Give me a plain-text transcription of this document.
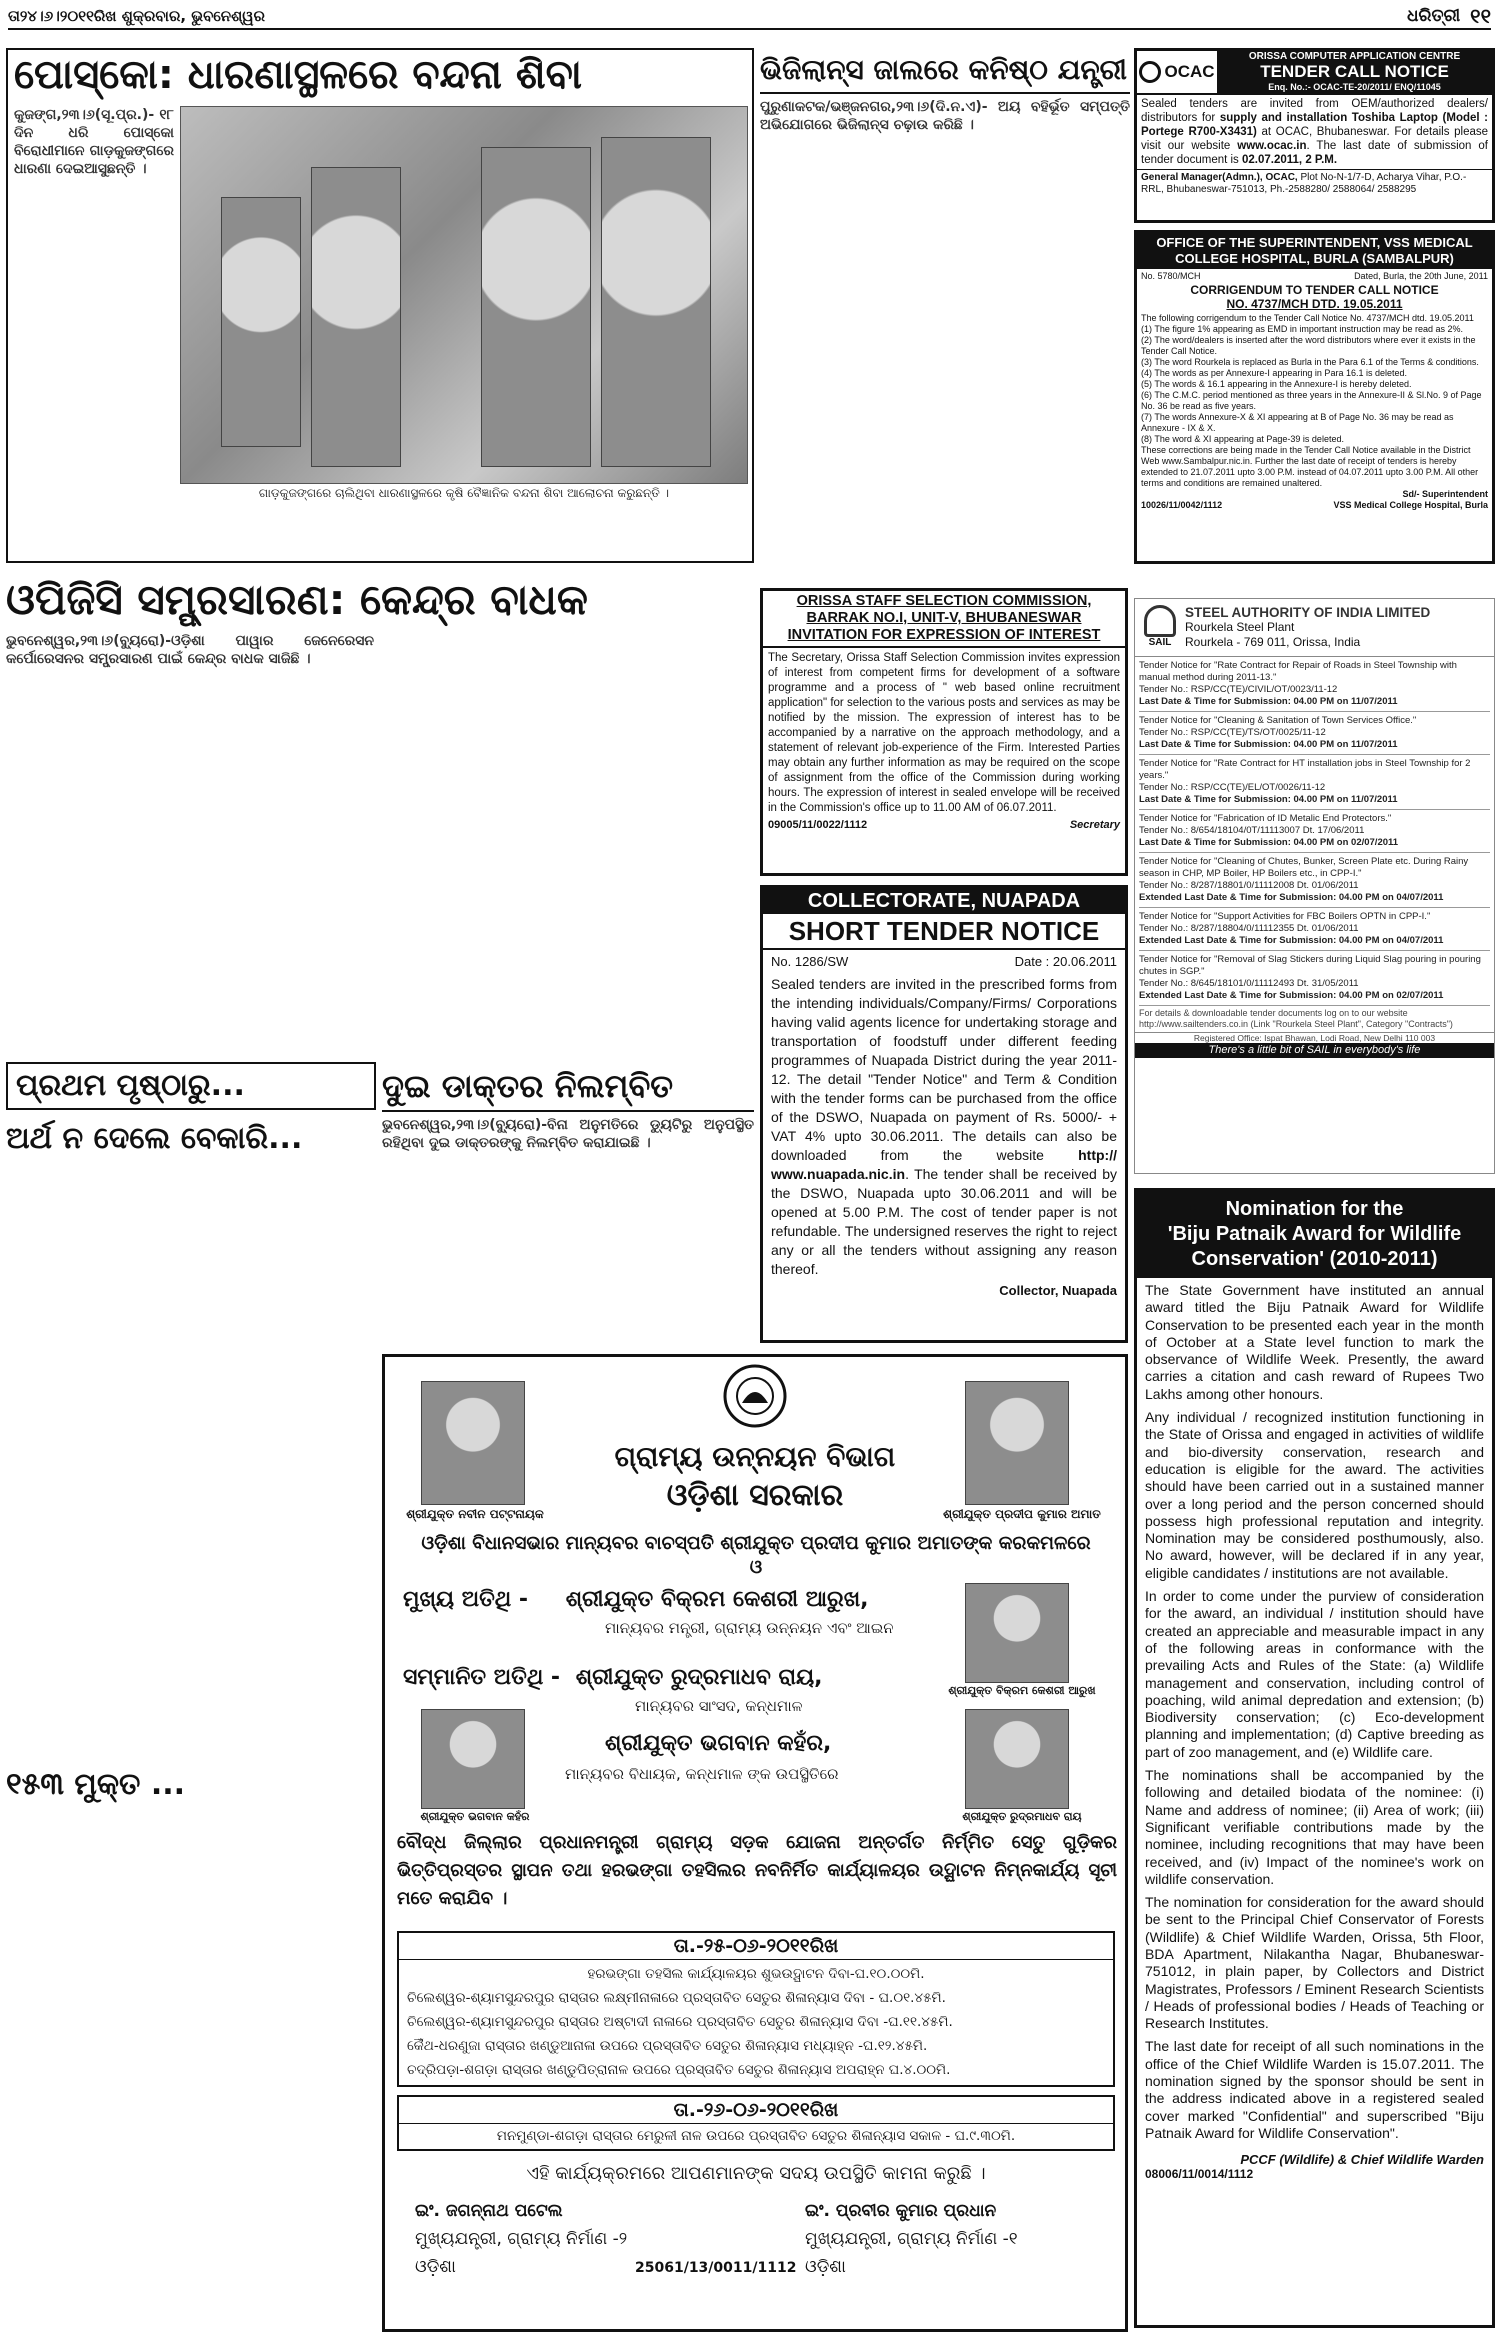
ତା୨୪।୬।୨୦୧୧ରିଖ ଶୁକ୍ରବାର, ଭୁବନେଶ୍ୱର	ଧରିତ୍ରୀ ୧୧
ପୋସ୍କୋ: ଧାରଣାସ୍ଥଳରେ ବନ୍ଦନା ଶିବା
କୁଜଙ୍ଗ,୨୩।୬(ସୂ.ପ୍ର.)- ୧୮ ଦିନ ଧରି ପୋସ୍କୋ ବିରୋଧୀମାନେ ଗାଡ଼କୁଜଙ୍ଗରେ ଧାରଣା ଦେଇଆସୁଛନ୍ତି ।
ଗାଡ଼କୁଜଙ୍ଗରେ ଚାଲିଥିବା ଧାରଣାସ୍ଥଳରେ କୃଷି ବୈଜ୍ଞାନିକ ବନ୍ଦନା ଶିବା ଆଲୋଚନା କରୁଛନ୍ତି ।
ଭିଜିଲାନ୍ସ ଜାଲରେ କନିଷ୍ଠ ଯନ୍ତ୍ରୀ
ପୁରୁଣାକଟକ/ଭଞ୍ଜନଗର,୨୩।୬(ଦି.ନ.ଏ)- ଅୟ ବହିର୍ଭୂତ ସମ୍ପତ୍ତି ଅଭିଯୋଗରେ ଭିଜିଲାନ୍ସ ଚଢ଼ାଉ କରିଛି ।
OCAC
ORISSA COMPUTER APPLICATION CENTRE
TENDER CALL NOTICE
Enq. No.:- OCAC-TE-20/2011/ ENQ/11045
Sealed tenders are invited from OEM/authorized dealers/ distributors for supply and installation Toshiba Laptop (Model : Portege R700-X3431) at OCAC, Bhubaneswar. For details please visit our website www.ocac.in. The last date of submission of tender document is 02.07.2011, 2 P.M.
General Manager(Admn.), OCAC, Plot No-N-1/7-D, Acharya Vihar, P.O.-RRL, Bhubaneswar-751013, Ph.-2588280/ 2588064/ 2588295
OFFICE OF THE SUPERINTENDENT, VSS MEDICAL COLLEGE HOSPITAL, BURLA (SAMBALPUR)
No. 5780/MCH	Dated, Burla, the 20th June, 2011
CORRIGENDUM TO TENDER CALL NOTICE
NO. 4737/MCH DTD. 19.05.2011
The following corrigendum to the Tender Call Notice No. 4737/MCH dtd. 19.05.2011
(1) The figure 1% appearing as EMD in important instruction may be read as 2%.
(2) The word/dealers is inserted after the word distributors where ever it exists in the Tender Call Notice.
(3) The word Rourkela is replaced as Burla in the Para 6.1 of the Terms & conditions.
(4) The words as per Annexure-I appearing in Para 16.1 is deleted.
(5) The words & 16.1 appearing in the Annexure-I is hereby deleted.
(6) The C.M.C. period mentioned as three years in the Annexure-II & Sl.No. 9 of Page No. 36 be read as five years.
(7) The words Annexure-X & XI appearing at B of Page No. 36 may be read as Annexure - IX & X.
(8) The word & XI appearing at Page-39 is deleted.
These corrections are being made in the Tender Call Notice available in the District Web www.Sambalpur.nic.in. Further the last date of receipt of tenders is hereby extended to 21.07.2011 upto 3.00 P.M. instead of 04.07.2011 upto 3.00 P.M. All other terms and conditions are remained unaltered.
Sd/- Superintendent
10026/11/0042/1112	VSS Medical College Hospital, Burla
ଓପିଜିସି ସମ୍ପ୍ରସାରଣ: କେନ୍ଦ୍ର ବାଧକ
ଭୁବନେଶ୍ୱର,୨୩।୬(ବ୍ୟୁରୋ)-ଓଡ଼ିଶା ପାୱାର ଜେନେରେସନ କର୍ପୋରେସନର ସମ୍ପ୍ରସାରଣ ପାଇଁ କେନ୍ଦ୍ର ବାଧକ ସାଜିଛି ।
ORISSA STAFF SELECTION COMMISSION, BARRAK NO.I, UNIT-V, BHUBANESWAR INVITATION FOR EXPRESSION OF INTEREST
The Secretary, Orissa Staff Selection Commission invites expression of interest from competent firms for development of a software programme and a process of " web based online recruitment application" for selection to the various posts and services as may be notified by the mission. The expression of interest has to be accompanied by a narrative on the approach methodology, and a statement of relevant job-experience of the Firm. Interested Parties may obtain any further information as may be required on the scope of assignment from the office of the Commission during working hours. The expression of interest in sealed envelope will be received in the Commission's office up to 11.00 AM of 06.07.2011.
09005/11/0022/1112	Secretary
COLLECTORATE, NUAPADA
SHORT TENDER NOTICE
No. 1286/SW	Date : 20.06.2011
Sealed tenders are invited in the prescribed forms from the intending individuals/Company/Firms/ Corporations having valid agents licence for undertaking storage and transportation of foodstuff under different feeding programmes of Nuapada District during the year 2011-12. The detail "Tender Notice" and Term & Condition with the tender forms can be purchased from the office of the DSWO, Nuapada on payment of Rs. 5000/- + VAT 4% upto 30.06.2011. The details can also be downloaded from the website http:// www.nuapada.nic.in. The tender shall be received by the DSWO, Nuapada upto 30.06.2011 and will be opened at 5.00 P.M. The cost of tender paper is not refundable. The undersigned reserves the right to reject any or all the tenders without assigning any reason thereof.
Collector, Nuapada
SAIL
STEEL AUTHORITY OF INDIA LIMITED
Rourkela Steel Plant
Rourkela - 769 011, Orissa, India
Tender Notice for "Rate Contract for Repair of Roads in Steel Township with manual method during 2011-13."
Tender No.: RSP/CC(TE)/CIVIL/OT/0023/11-12
Last Date & Time for Submission: 04.00 PM on 11/07/2011
Tender Notice for "Cleaning & Sanitation of Town Services Office."
Tender No.: RSP/CC(TE)/TS/OT/0025/11-12
Last Date & Time for Submission: 04.00 PM on 11/07/2011
Tender Notice for "Rate Contract for HT installation jobs in Steel Township for 2 years."
Tender No.: RSP/CC(TE)/EL/OT/0026/11-12
Last Date & Time for Submission: 04.00 PM on 11/07/2011
Tender Notice for "Fabrication of ID Metalic End Protectors."
Tender No.: 8/654/18104/0T/11113007 Dt. 17/06/2011
Last Date & Time for Submission: 04.00 PM on 02/07/2011
Tender Notice for "Cleaning of Chutes, Bunker, Screen Plate etc. During Rainy season in CHP, MP Boiler, HP Boilers etc., in CPP-I."
Tender No.: 8/287/18801/0/11112008 Dt. 01/06/2011
Extended Last Date & Time for Submission: 04.00 PM on 04/07/2011
Tender Notice for "Support Activities for FBC Boilers OPTN in CPP-I."
Tender No.: 8/287/18804/0/11112355 Dt. 01/06/2011
Extended Last Date & Time for Submission: 04.00 PM on 04/07/2011
Tender Notice for "Removal of Slag Stickers during Liquid Slag pouring in pouring chutes in SGP."
Tender No.: 8/645/18101/0/11112493 Dt. 31/05/2011
Extended Last Date & Time for Submission: 04.00 PM on 02/07/2011
For details & downloadable tender documents log on to our website http://www.sailtenders.co.in (Link "Rourkela Steel Plant", Category "Contracts")
Registered Office: Ispat Bhawan, Lodi Road, New Delhi 110 003
There's a little bit of SAIL in everybody's life
Nomination for the
'Biju Patnaik Award for Wildlife Conservation' (2010-2011)

The State Government have instituted an annual award titled the Biju Patnaik Award for Wildlife Conservation to be presented each year in the month of October at a State level function to mark the observance of Wildlife Week. Presently, the award carries a citation and cash reward of Rupees Two Lakhs among other honours.

Any individual / recognized institution functioning in the State of Orissa and engaged in activities of wildlife and bio-diversity conservation, research and education is eligible for the award. The activities should have been carried out in a sustained manner over a long period and the person concerned should possess high professional reputation and integrity. Nomination may be considered posthumously, also. No award, however, will be declared if in any year, eligible candidates / institutions are not available.

In order to come under the purview of consideration for the award, an individual / institution should have created an appreciable and measurable impact in any of the following areas in conformance with the prevailing Acts and Rules of the State: (a) Wildlife management and conservation, including control of poaching, wild animal depredation and extension; (b) Biodiversity conservation; (c) Eco-development planning and implementation; (d) Captive breeding as part of zoo management, and (e) Wildlife care.

The nominations shall be accompanied by the following and detailed biodata of the nominee: (i) Name and address of nominee; (ii) Area of work; (iii) Significant verifiable contributions made by the nominee, including recognitions that may have been received, and (iv) Impact of the nominee's work on wildlife conservation.

The nomination for consideration for the award should be sent to the Principal Chief Conservator of Forests (Wildlife) & Chief Wildlife Warden, Orissa, 5th Floor, BDA Apartment, Nilakantha Nagar, Bhubaneswar-751012, in plain paper, by Collectors and District Magistrates, Professors / Eminent Research Scientists / Heads of professional bodies / Heads of Teaching or Research Institutes.

The last date for receipt of all such nominations in the office of the Chief Wildlife Warden is 15.07.2011. The nomination signed by the sponsor should be sent in the address indicated above in a registered sealed cover marked "Confidential" and superscribed "Biju Patnaik Award for Wildlife Conservation".

PCCF (Wildlife) & Chief Wildlife Warden
08006/11/0014/1112
ପ୍ରଥମ ପୃଷ୍ଠାରୁ...
ଅର୍ଥ ନ ଦେଲେ ବେକାରି...
୧୫୩ ମୁକ୍ତ ...
ଦୁଇ ଡାକ୍ତର ନିଲମ୍ବିତ
ଭୁବନେଶ୍ୱର,୨୩।୬(ବ୍ୟୁରୋ)-ବିନା ଅନୁମତିରେ ଡ୍ୟୁଟିରୁ ଅନୁପସ୍ଥିତ ରହିଥିବା ଦୁଇ ଡାକ୍ତରଙ୍କୁ ନିଲମ୍ବିତ କରାଯାଇଛି ।
ଶ୍ରୀଯୁକ୍ତ ନବୀନ ପଟ୍ଟନାୟକ	ଶ୍ରୀଯୁକ୍ତ ପ୍ରଦୀପ କୁମାର ଅମାତ
ଗ୍ରାମ୍ୟ ଉନ୍ନୟନ ବିଭାଗ
ଓଡ଼ିଶା ସରକାର
ଓଡ଼ିଶା ବିଧାନସଭାର ମାନ୍ୟବର ବାଚସ୍ପତି ଶ୍ରୀଯୁକ୍ତ ପ୍ରଦୀପ କୁମାର ଅମାତଙ୍କ କରକମଳରେ
ଓ
ମୁଖ୍ୟ ଅତିଥି - ଶ୍ରୀଯୁକ୍ତ ବିକ୍ରମ କେଶରୀ ଆରୁଖ,
ମାନ୍ୟବର ମନ୍ତ୍ରୀ, ଗ୍ରାମ୍ୟ ଉନ୍ନୟନ ଏବଂ ଆଇନ
ଶ୍ରୀଯୁକ୍ତ ବିକ୍ରମ କେଶରୀ ଆରୁଖ
ସମ୍ମାନିତ ଅତିଥି - ଶ୍ରୀଯୁକ୍ତ ରୁଦ୍ରମାଧବ ରାୟ,
ମାନ୍ୟବର ସାଂସଦ, କନ୍ଧମାଳ
ଶ୍ରୀଯୁକ୍ତ ଭଗବାନ କହଁର	ଶ୍ରୀଯୁକ୍ତ ରୁଦ୍ରମାଧବ ରାୟ
ଶ୍ରୀଯୁକ୍ତ ଭଗବାନ କହଁର,
ମାନ୍ୟବର ବିଧାୟକ, କନ୍ଧମାଳ ଙ୍କ ଉପସ୍ଥିତିରେ
ବୌଦ୍ଧ ଜିଲ୍ଲାର ପ୍ରଧାନମନ୍ତ୍ରୀ ଗ୍ରାମ୍ୟ ସଡ଼କ ଯୋଜନା ଅନ୍ତର୍ଗତ ନିର୍ମ୍ମିତ ସେତୁ ଗୁଡ଼ିକର ଭିତ୍ତିପ୍ରସ୍ତର ସ୍ଥାପନ ତଥା ହରଭଙ୍ଗା ତହସିଲର ନବନିର୍ମିତ କାର୍ଯ୍ୟାଳୟର ଉଦ୍ଘାଟନ ନିମ୍ନକାର୍ଯ୍ୟ ସୂଚୀ ମତେ କରାଯିବ ।
ତା.-୨୫-୦୬-୨୦୧୧ରିଖ
ହରଭଙ୍ଗା ତହସିଲ କାର୍ଯ୍ୟାଳୟର ଶୁଭଉଦ୍ଘାଟନ ଦିବା-ଘ.୧୦.୦୦ମି.
ଚିଲେଶ୍ୱର-ଶ୍ୟାମସୁନ୍ଦରପୁର ରାସ୍ତାର ଲକ୍ଷ୍ମୀନାଳାରେ ପ୍ରସ୍ତାବିତ ସେତୁର ଶିଳାନ୍ୟାସ ଦିବା - ଘ.୦୧.୪୫ମି.
ଚିଲେଶ୍ୱର-ଶ୍ୟାମସୁନ୍ଦରପୁର ରାସ୍ତାର ଅଷ୍ଟାଦୀ ନାଳାରେ ପ୍ରସ୍ତାବିତ ସେତୁର ଶିଳାନ୍ୟାସ ଦିବା -ଘ.୧୧.୪୫ମି.
କୈଁଥ-ଧରଣୁଜା ରାସ୍ତାର ଖଣ୍ଡୁଆନାଳା ଉପରେ ପ୍ରସ୍ତାବିତ ସେତୁର ଶିଳାନ୍ୟାସ ମଧ୍ୟାହ୍ନ -ଘ.୧୨.୪୫ମି.
ଚଦ୍ରିପଡ଼ା-ଶଗଡ଼ା ରାସ୍ତାର ଖଣ୍ଡୁପିତ୍ରାନାଳ ଉପରେ ପ୍ରସ୍ତାବିତ ସେତୁର ଶିଳାନ୍ୟାସ ଅପରାହ୍ନ ଘ.୪.୦୦ମି.
ତା.-୨୬-୦୬-୨୦୧୧ରିଖ
ମନମୁଣ୍ଡା-ଶଗଡ଼ା ରାସ୍ତାର ମେରୁଳୀ ନାଳ ଉପରେ ପ୍ରସ୍ତାବିତ ସେତୁର ଶିଳାନ୍ୟାସ ସକାଳ - ଘ.୯.୩୦ମି.
ଏହି କାର୍ଯ୍ୟକ୍ରମରେ ଆପଣମାନଙ୍କ ସଦୟ ଉପସ୍ଥିତି କାମନା କରୁଛି ।
ଇଂ. ଜଗନ୍ନାଥ ପଟେଲ
ମୁଖ୍ୟଯନ୍ତ୍ରୀ, ଗ୍ରାମ୍ୟ ନିର୍ମାଣ -୨
ଓଡ଼ିଶା
ଇଂ. ପ୍ରବୀର କୁମାର ପ୍ରଧାନ
ମୁଖ୍ୟଯନ୍ତ୍ରୀ, ଗ୍ରାମ୍ୟ ନିର୍ମାଣ -୧
ଓଡ଼ିଶା
25061/13/0011/1112
